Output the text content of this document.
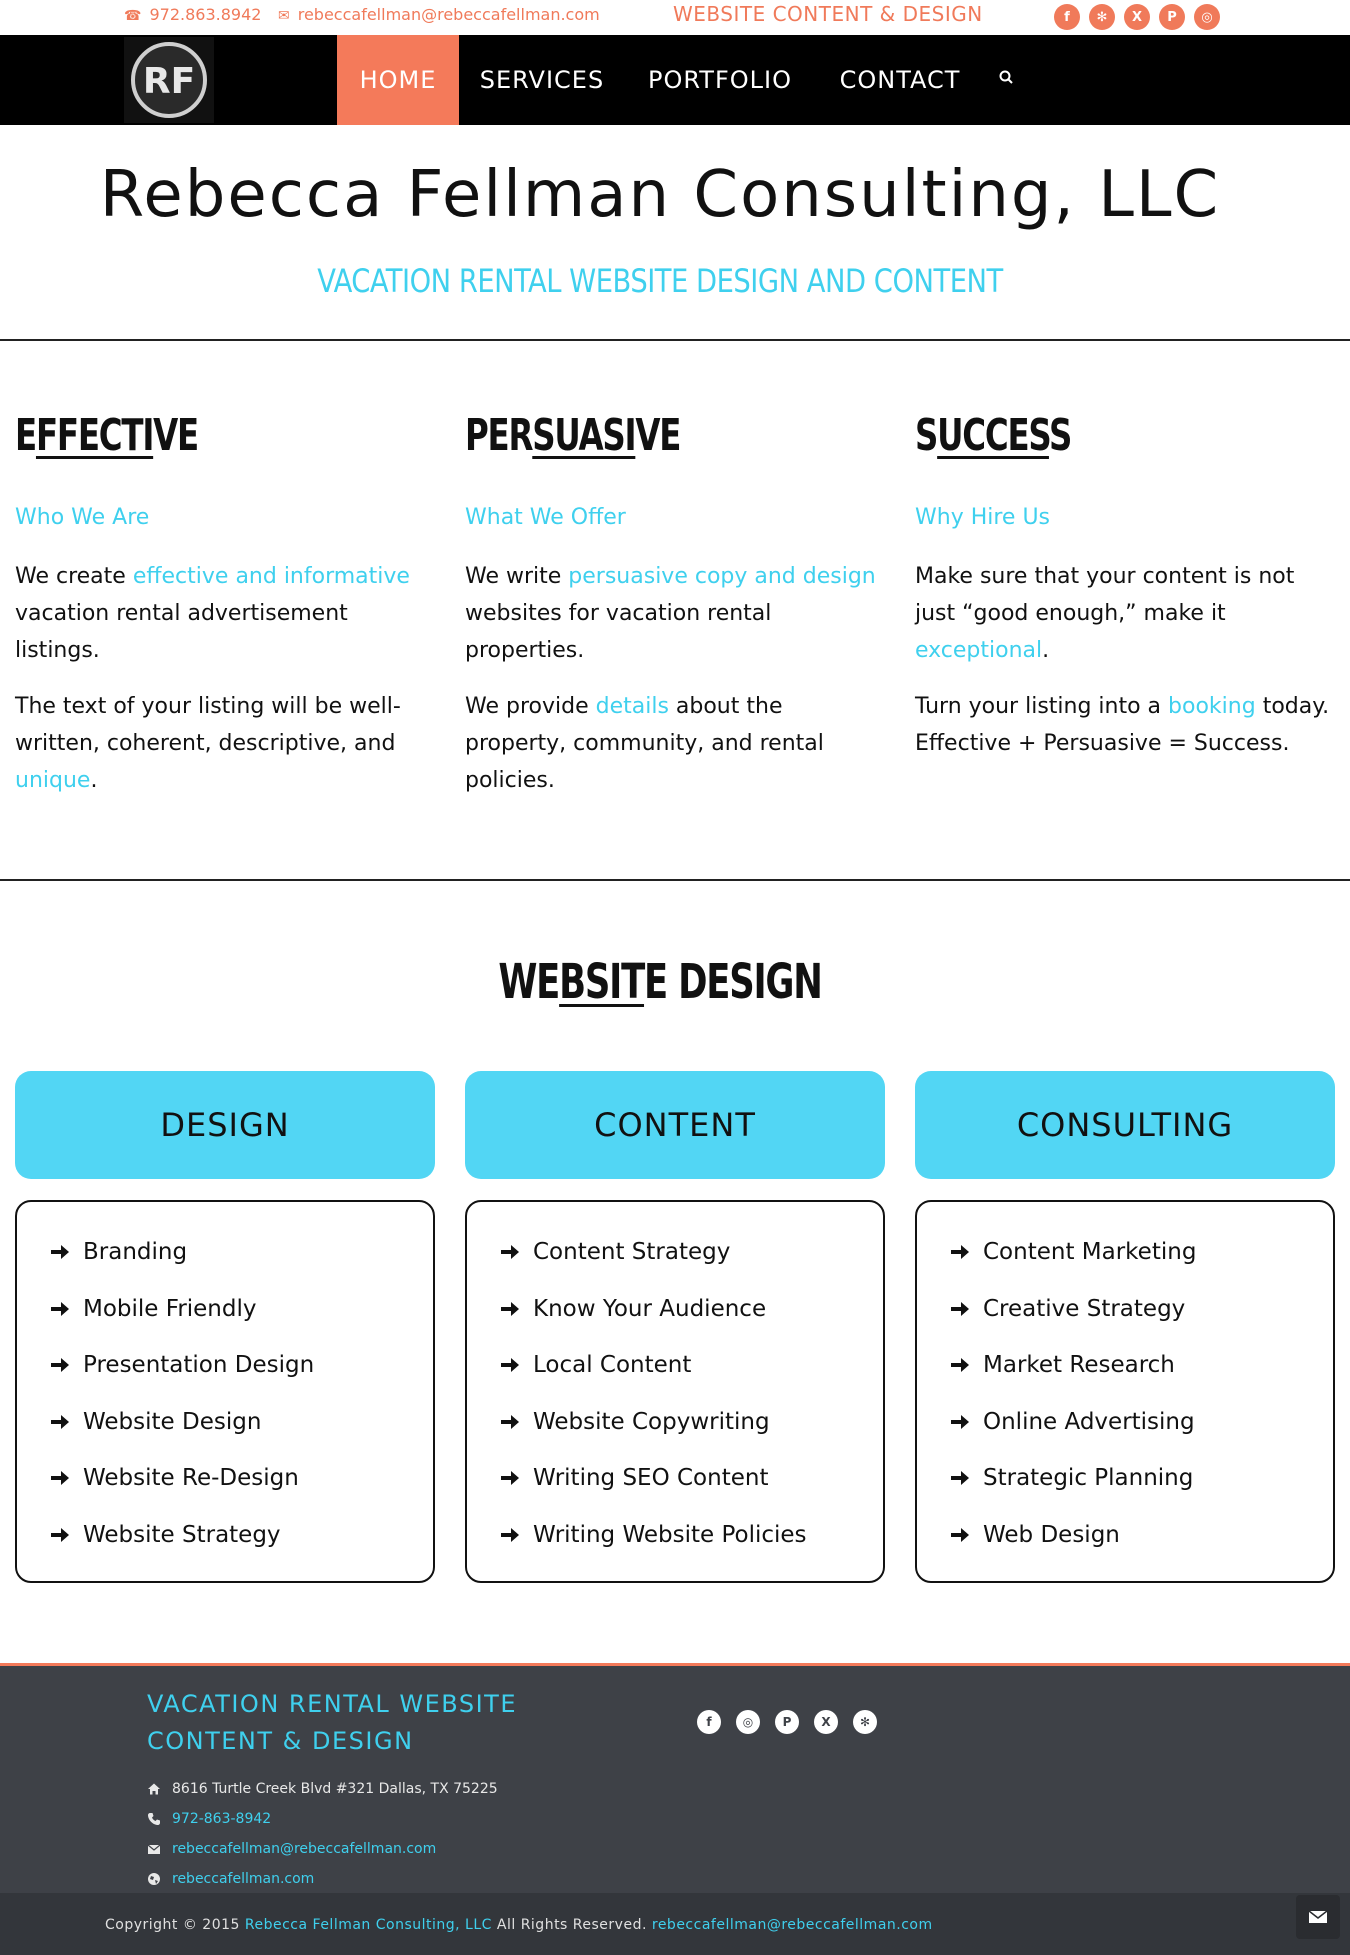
☎ 972.863.8942 ✉ rebeccafellman@rebeccafellman.com	WEBSITE CONTENT & DESIGN	f	✻	X	P	◎
RF	HOME	SERVICES	PORTFOLIO	CONTACT
Rebecca Fellman Consulting, LLC
VACATION RENTAL WEBSITE DESIGN AND CONTENT
EFFECTIVE
Who We Are
We create effective and informative vacation rental advertisement listings.
The text of your listing will be well-written, coherent, descriptive, and unique.
PERSUASIVE
What We Offer
We write persuasive copy and design websites for vacation rental properties.
We provide details about the property, community, and rental policies.
SUCCESS
Why Hire Us
Make sure that your content is not just “good enough,” make it exceptional.
Turn your listing into a booking today. Effective + Persuasive = Success.
WEBSITE DESIGN
DESIGN	CONTENT	CONSULTING
Branding
Mobile Friendly
Presentation Design
Website Design
Website Re-Design
Website Strategy
Content Strategy
Know Your Audience
Local Content
Website Copywriting
Writing SEO Content
Writing Website Policies
Content Marketing
Creative Strategy
Market Research
Online Advertising
Strategic Planning
Web Design
VACATION RENTAL WEBSITE CONTENT & DESIGN
8616 Turtle Creek Blvd #321 Dallas, TX 75225
972-863-8942
rebeccafellman@rebeccafellman.com
rebeccafellman.com
f	◎	P	X	✻
Copyright © 2015 Rebecca Fellman Consulting, LLC All Rights Reserved. rebeccafellman@rebeccafellman.com
